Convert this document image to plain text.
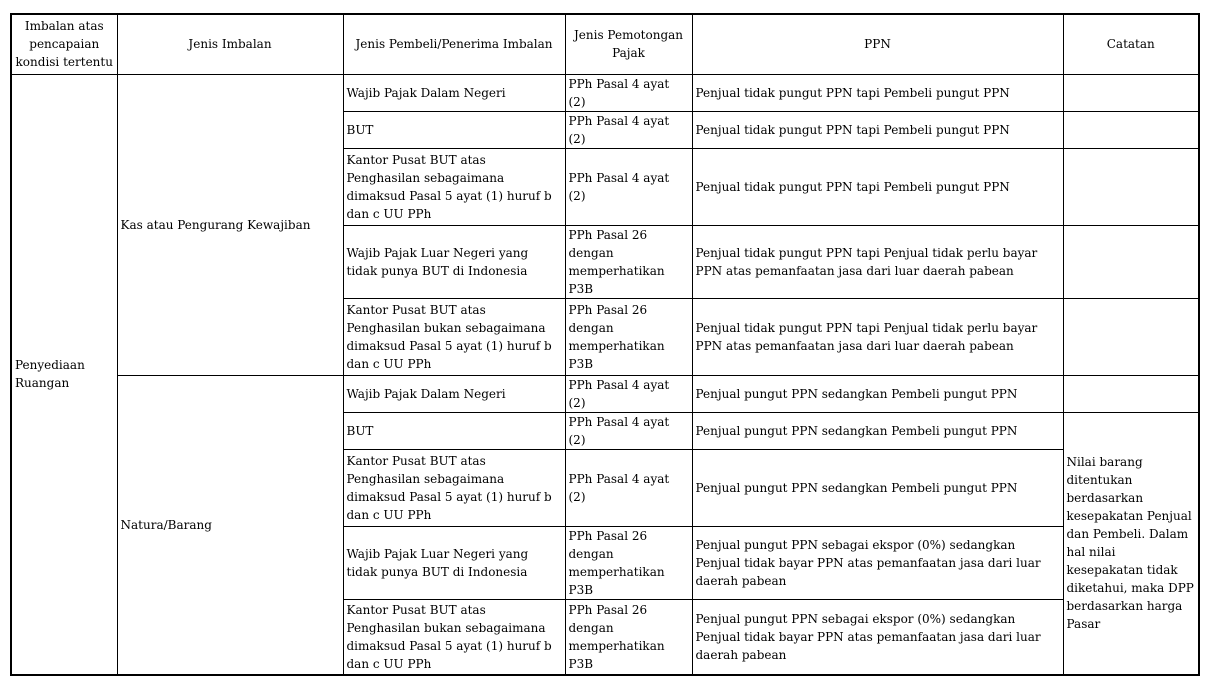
Imbalan atas pencapaian kondisi tertentu	Jenis Imbalan	Jenis Pembeli/Penerima Imbalan	Jenis Pemotongan Pajak	PPN	Catatan
Penyediaan Ruangan	Kas atau Pengurang Kewajiban	Wajib Pajak Dalam Negeri	PPh Pasal 4 ayat (2)	Penjual tidak pungut PPN tapi Pembeli pungut PPN	
		BUT	PPh Pasal 4 ayat (2)	Penjual tidak pungut PPN tapi Pembeli pungut PPN	
		Kantor Pusat BUT atas Penghasilan sebagaimana dimaksud Pasal 5 ayat (1) huruf b dan c UU PPh	PPh Pasal 4 ayat (2)	Penjual tidak pungut PPN tapi Pembeli pungut PPN	
		Wajib Pajak Luar Negeri yang tidak punya BUT di Indonesia	PPh Pasal 26 dengan memperhatikan P3B	Penjual tidak pungut PPN tapi Penjual tidak perlu bayar PPN atas pemanfaatan jasa dari luar daerah pabean	
		Kantor Pusat BUT atas Penghasilan bukan sebagaimana dimaksud Pasal 5 ayat (1) huruf b dan c UU PPh	PPh Pasal 26 dengan memperhatikan P3B	Penjual tidak pungut PPN tapi Penjual tidak perlu bayar PPN atas pemanfaatan jasa dari luar daerah pabean	
	Natura/Barang	Wajib Pajak Dalam Negeri	PPh Pasal 4 ayat (2)	Penjual pungut PPN sedangkan Pembeli pungut PPN	
		BUT	PPh Pasal 4 ayat (2)	Penjual pungut PPN sedangkan Pembeli pungut PPN	Nilai barang ditentukan berdasarkan kesepakatan Penjual dan Pembeli. Dalam hal nilai kesepakatan tidak diketahui, maka DPP berdasarkan harga Pasar
		Kantor Pusat BUT atas Penghasilan sebagaimana dimaksud Pasal 5 ayat (1) huruf b dan c UU PPh	PPh Pasal 4 ayat (2)	Penjual pungut PPN sedangkan Pembeli pungut PPN	
		Wajib Pajak Luar Negeri yang tidak punya BUT di Indonesia	PPh Pasal 26 dengan memperhatikan P3B	Penjual pungut PPN sebagai ekspor (0%) sedangkan Penjual tidak bayar PPN atas pemanfaatan jasa dari luar daerah pabean	
		Kantor Pusat BUT atas Penghasilan bukan sebagaimana dimaksud Pasal 5 ayat (1) huruf b dan c UU PPh	PPh Pasal 26 dengan memperhatikan P3B	Penjual pungut PPN sebagai ekspor (0%) sedangkan Penjual tidak bayar PPN atas pemanfaatan jasa dari luar daerah pabean	
